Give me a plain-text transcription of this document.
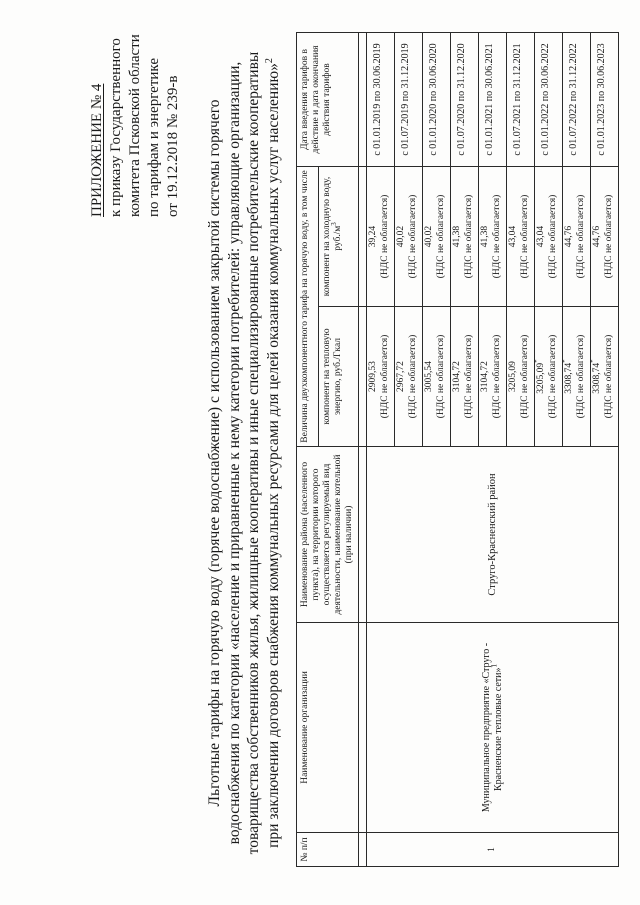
ПРИЛОЖЕНИЕ № 4 к приказу Государственного комитета Псковской области по тарифам и энергетике от 19.12.2018 № 239-в Льготные тарифы на горячую воду (горячее водоснабжение) с использованием закрытой системы горячего водоснабжения по категории «население и приравненные к нему категории потребителей: управляющие организации, товарищества собственников жилья, жилищные кооперативы и иные специализированные потребительские кооперативы при заключении договоров снабжения коммунальных ресурсами для целей оказания коммунальных услуг населению»$^2$
№ п/п	Наименование организации	Наименование района (населенного пункта), на территории которого осуществляется регулируемый вид деятельности, наименование котельной (при наличии)	Величина двухкомпонентного тарифа на горячую воду, в том числе		Дата введения тарифов в действие и дата окончания действия тарифов
			компонент на тепловую энергию, руб./Гкал	компонент на холодную воду, $руб./м^3$

1	Муниципальное предприятие «Струго - Красненские тепловые сети»$^1$	Струго-Красненский район	2909,53 (НДС не облагается)	39,24 (НДС не облагается)	с 01.01.2019 по 30.06.2019

			2967,72 (НДС не облагается)	40,02 (НДС не облагается)	с 01.07.2019 по 31.12.2019

			3005,54 (НДС не облагается)	40,02 (НДС не облагается)	с 01.01.2020 по 30.06.2020

			3104,72 (НДС не облагается)	41,38 (НДС не облагается)	с 01.07.2020 по 31.12.2020

			3104,72 (НДС не облагается)	41,38 (НДС не облагается)	с 01.01.2021 по 30.06.2021

			3205,09 (НДС не облагается)	43,04 (НДС не облагается)	с 01.07.2021 по 31.12.2021

			3205,09* (НДС не облагается)	43,04 (НДС не облагается)	с 01.01.2022 по 30.06.2022

			3308,74* (НДС не облагается)	44,76 (НДС не облагается)	с 01.07.2022 по 31.12.2022

			3308,74* (НДС не облагается)	44,76 (НДС не облагается)	с 01.01.2023 по 30.06.2023
